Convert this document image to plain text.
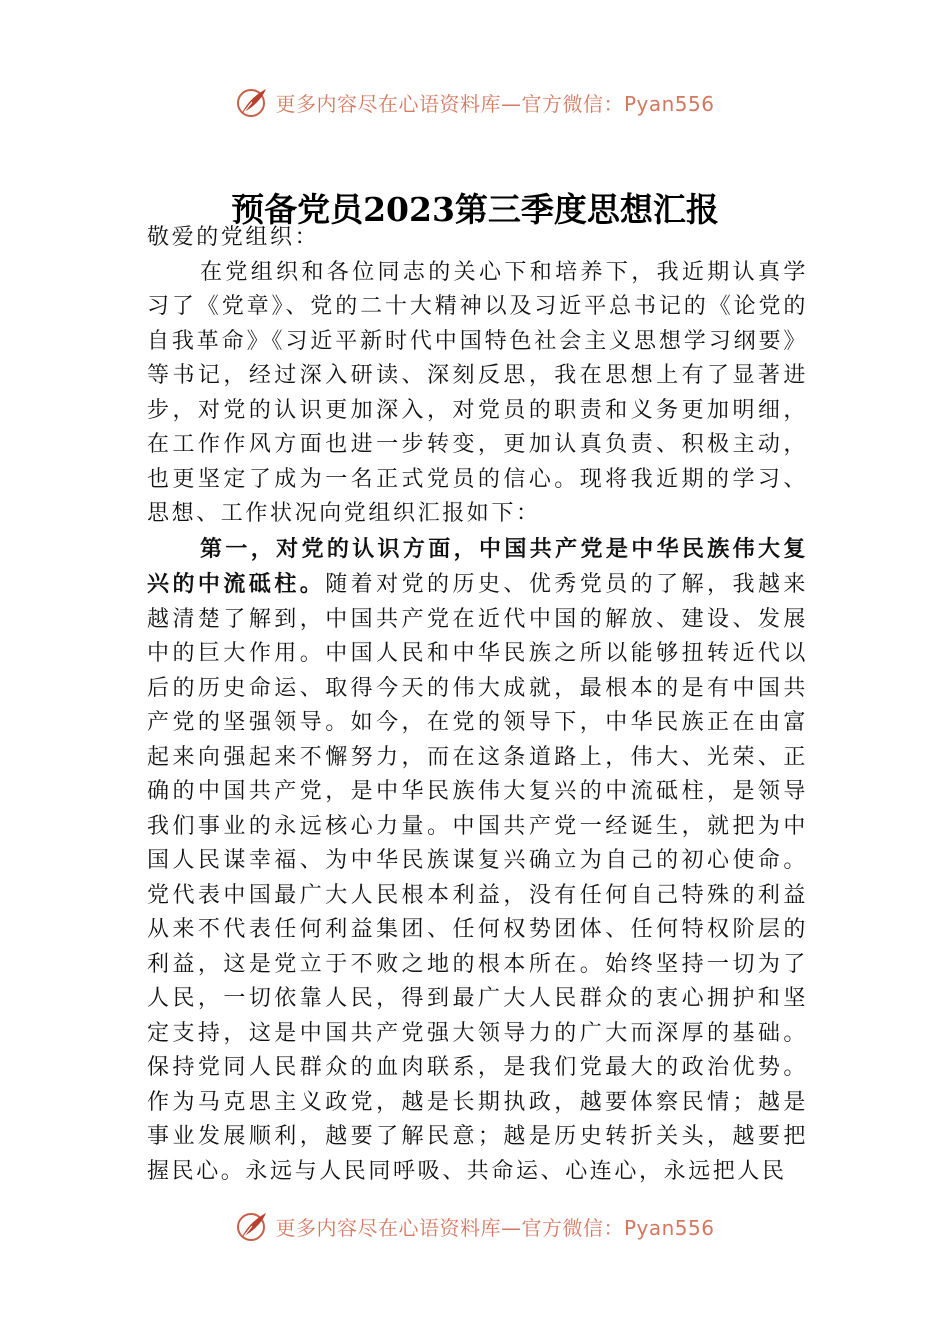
更多内容尽在心语资料库—官方微信：Pyan556
预备党员2023第三季度思想汇报

敬爱的党组织：

在党组织和各位同志的关心下和培养下，我近期认真学习了《党章》、党的二十大精神以及习近平总书记的《论党的自我革命》《习近平新时代中国特色社会主义思想学习纲要》等书记，经过深入研读、深刻反思，我在思想上有了显著进步，对党的认识更加深入，对党员的职责和义务更加明细，在工作作风方面也进一步转变，更加认真负责、积极主动，也更坚定了成为一名正式党员的信心。现将我近期的学习、思想、工作状况向党组织汇报如下：

第一，对党的认识方面，中国共产党是中华民族伟大复兴的中流砥柱。随着对党的历史、优秀党员的了解，我越来越清楚了解到，中国共产党在近代中国的解放、建设、发展中的巨大作用。中国人民和中华民族之所以能够扭转近代以后的历史命运、取得今天的伟大成就，最根本的是有中国共产党的坚强领导。如今，在党的领导下，中华民族正在由富起来向强起来不懈努力，而在这条道路上，伟大、光荣、正确的中国共产党，是中华民族伟大复兴的中流砥柱，是领导我们事业的永远核心力量。中国共产党一经诞生，就把为中国人民谋幸福、为中华民族谋复兴确立为自己的初心使命。党代表中国最广大人民根本利益，没有任何自己特殊的利益从来不代表任何利益集团、任何权势团体、任何特权阶层的利益，这是党立于不败之地的根本所在。始终坚持一切为了人民，一切依靠人民，得到最广大人民群众的衷心拥护和坚定支持，这是中国共产党强大领导力的广大而深厚的基础。保持党同人民群众的血肉联系，是我们党最大的政治优势。作为马克思主义政党，越是长期执政，越要体察民情；越是事业发展顺利，越要了解民意；越是历史转折关头，越要把握民心。永远与人民同呼吸、共命运、心连心，永远把人民

更多内容尽在心语资料库—官方微信：Pyan556
